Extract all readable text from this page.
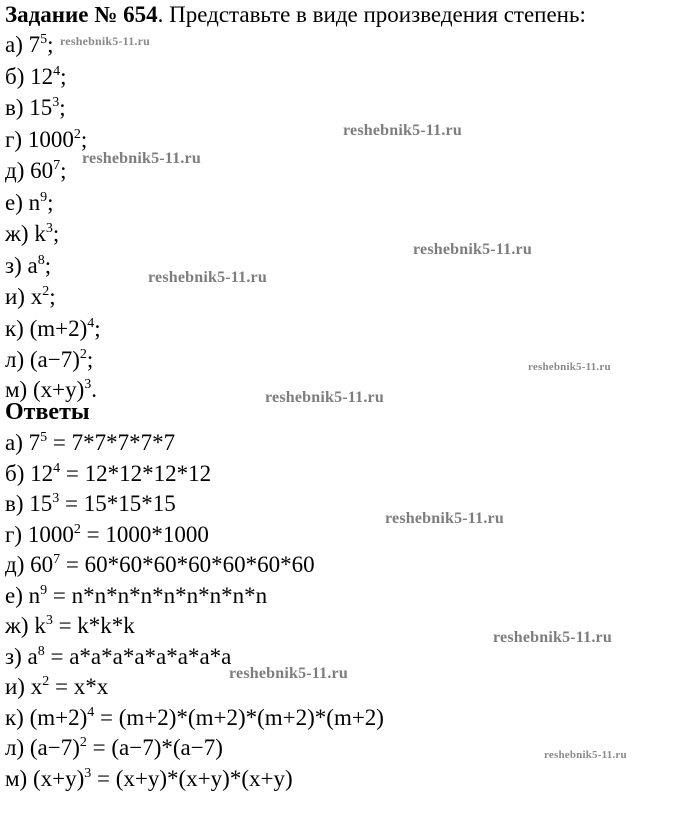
Задание № 654. Представьте в виде произведения степень:
а) $7^5$;
б) $12^4$;
в) $15^3$;
г) 1000$^2$;
д) $60^7$;
е) $n^9$;
ж) $k^3$;
з) $a^8$;
и) $x^2$;
к) $(m+2)^4$;
л) $(a-7)^2$;
м) $(x+y)^3$.
Ответы
а) $7^5 = 7*7*7*7*7$
б) $12^4 = 12*12*12*12$
в) $15^3 = 15*15*15$
г) $1000^2 = 1000*1000$
д) $60^7 = 60*60*60*60*60*60*60$
е) $n^9 = n*n*n*n*n*n*n*n*n$
ж) $k^3 = k*k*k$
з) $a^8 = a*a*a*a*a*a*a*a$
и) $x^2 = x*x$
к) $(m+2)^4 = (m+2)*(m+2)*(m+2)*(m+2)$
л) $(a-7)^2 = (a-7)*(a-7)$
м) $(x+y)^3 = (x+y)*(x+y)*(x+y)$
reshebnik5-11.ru
reshebnik5-11.ru
reshebnik5-11.ru
reshebnik5-11.ru
reshebnik5-11.ru
reshebnik5-11.ru
reshebnik5-11.ru
reshebnik5-11.ru
reshebnik5-11.ru
reshebnik5-11.ru
reshebnik5-11.ru
